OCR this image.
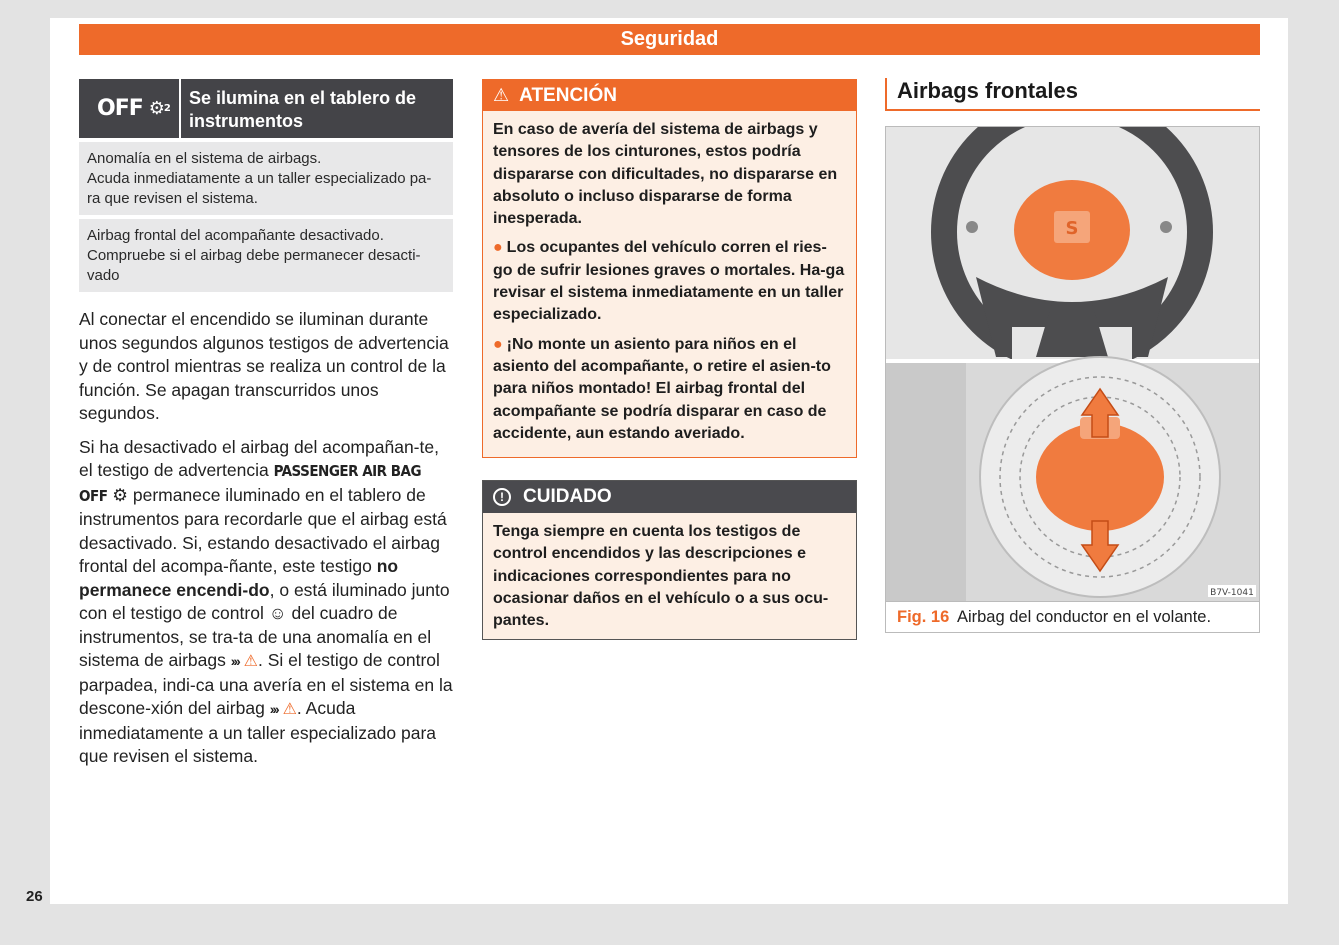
Seguridad
OFF ⚙ 2
Se ilumina en el tablero de instrumentos

Anomalía en el sistema de airbags.

Acuda inmediatamente a un taller especializado pa-

ra que revisen el sistema.

Airbag frontal del acompañante desactivado.

Compruebe si el airbag debe permanecer desacti-

vado

Al conectar el encendido se iluminan durante unos segundos algunos testigos de advertencia y de control mientras se realiza un control de la función. Se apagan transcurridos unos segundos.

Si ha desactivado el airbag del acompañan-te, el testigo de advertencia PASSENGER AIR BAG OFF ⚙ permanece iluminado en el tablero de instrumentos para recordarle que el airbag está desactivado. Si, estando desactivado el airbag frontal del acompa-ñante, este testigo no permanece encendi-do, o está iluminado junto con el testigo de control ☺ del cuadro de instrumentos, se tra-ta de una anomalía en el sistema de airbags ››› ⚠. Si el testigo de control parpadea, indi-ca una avería en el sistema en la descone-xión del airbag ››› ⚠. Acuda inmediatamente a un taller especializado para que revisen el sistema.

⚠ ATENCIÓN

En caso de avería del sistema de airbags y tensores de los cinturones, estos podría dispararse con dificultades, no dispararse en absoluto o incluso dispararse de forma inesperada.

● Los ocupantes del vehículo corren el ries-go de sufrir lesiones graves o mortales. Ha-ga revisar el sistema inmediatamente en un taller especializado.

● ¡No monte un asiento para niños en el asiento del acompañante, o retire el asien-to para niños montado! El airbag frontal del acompañante se podría disparar en caso de accidente, aun estando averiado.

!	CUIDADO
Tenga siempre en cuenta los testigos de control encendidos y las descripciones e indicaciones correspondientes para no ocasionar daños en el vehículo o a sus ocu-pantes.
Airbags frontales
S
B7V-1041
Fig. 16 Airbag del conductor en el volante.
26
